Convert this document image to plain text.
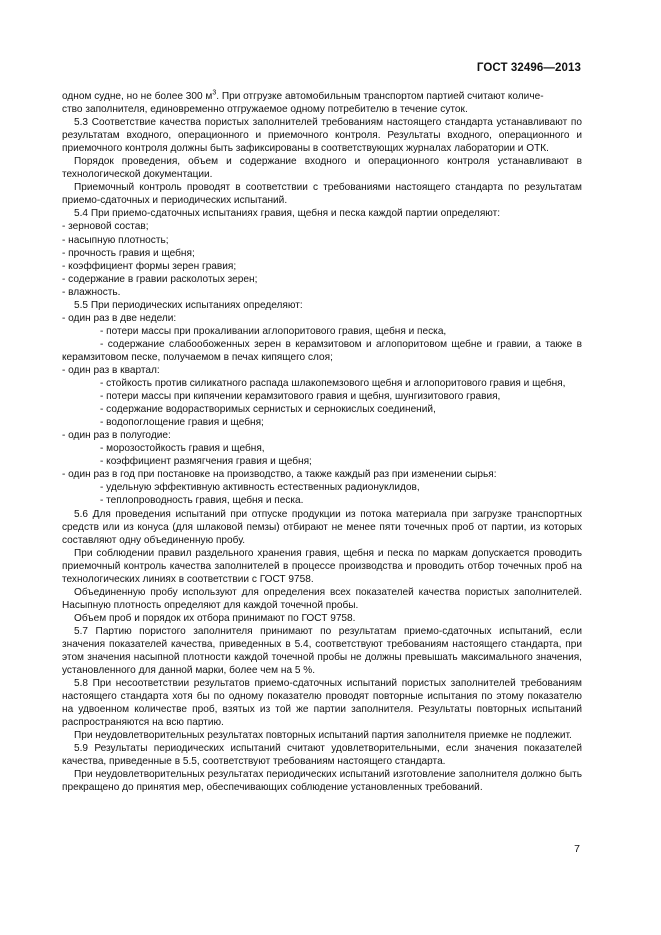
ГОСТ 32496—2013

одном судне, но не более 300 $м^3$. При отгрузке автомобильным транспортом партией считают количе-

ство заполнителя, единовременно отгружаемое одному потребителю в течение суток.

5.3 Соответствие качества пористых заполнителей требованиям настоящего стандарта устанавливают по результатам входного, операционного и приемочного контроля. Результаты входного, операционного и приемочного контроля должны быть зафиксированы в соответствующих журналах лаборатории и ОТК.

Порядок проведения, объем и содержание входного и операционного контроля устанавливают в технологической документации.

Приемочный контроль проводят в соответствии с требованиями настоящего стандарта по результатам приемо-сдаточных и периодических испытаний.

5.4 При приемо-сдаточных испытаниях гравия, щебня и песка каждой партии определяют:

- зерновой состав;

- насыпную плотность;

- прочность гравия и щебня;

- коэффициент формы зерен гравия;

- содержание в гравии расколотых зерен;

- влажность.

5.5 При периодических испытаниях определяют:

- один раз в две недели:

- потери массы при прокаливании аглопоритового гравия, щебня и песка,

- содержание слабообоженных зерен в керамзитовом и аглопоритовом щебне и гравии, а также в керамзитовом песке, получаемом в печах кипящего слоя;

- один раз в квартал:

- стойкость против силикатного распада шлакопемзового щебня и аглопоритового гравия и щебня,

- потери массы при кипячении керамзитового гравия и щебня, шунгизитового гравия,

- содержание водорастворимых сернистых и сернокислых соединений,

- водопоглощение гравия и щебня;

- один раз в полугодие:

- морозостойкость гравия и щебня,

- коэффициент размягчения гравия и щебня;

- один раз в год при постановке на производство, а также каждый раз при изменении сырья:

- удельную эффективную активность естественных радионуклидов,

- теплопроводность гравия, щебня и песка.

5.6 Для проведения испытаний при отпуске продукции из потока материала при загрузке транспортных средств или из конуса (для шлаковой пемзы) отбирают не менее пяти точечных проб от партии, из которых составляют одну объединенную пробу.

При соблюдении правил раздельного хранения гравия, щебня и песка по маркам допускается проводить приемочный контроль качества заполнителей в процессе производства и проводить отбор точечных проб на технологических линиях в соответствии с ГОСТ 9758.

Объединенную пробу используют для определения всех показателей качества пористых заполнителей. Насыпную плотность определяют для каждой точечной пробы.

Объем проб и порядок их отбора принимают по ГОСТ 9758.

5.7 Партию пористого заполнителя принимают по результатам приемо-сдаточных испытаний, если значения показателей качества, приведенных в 5.4, соответствуют требованиям настоящего стандарта, при этом значения насыпной плотности каждой точечной пробы не должны превышать максимального значения, установленного для данной марки, более чем на 5 %.

5.8 При несоответствии результатов приемо-сдаточных испытаний пористых заполнителей требованиям настоящего стандарта хотя бы по одному показателю проводят повторные испытания по этому показателю на удвоенном количестве проб, взятых из той же партии заполнителя. Результаты повторных испытаний распространяются на всю партию.

При неудовлетворительных результатах повторных испытаний партия заполнителя приемке не подлежит.

5.9 Результаты периодических испытаний считают удовлетворительными, если значения показателей качества, приведенные в 5.5, соответствуют требованиям настоящего стандарта.

При неудовлетворительных результатах периодических испытаний изготовление заполнителя должно быть прекращено до принятия мер, обеспечивающих соблюдение установленных требований.

7
